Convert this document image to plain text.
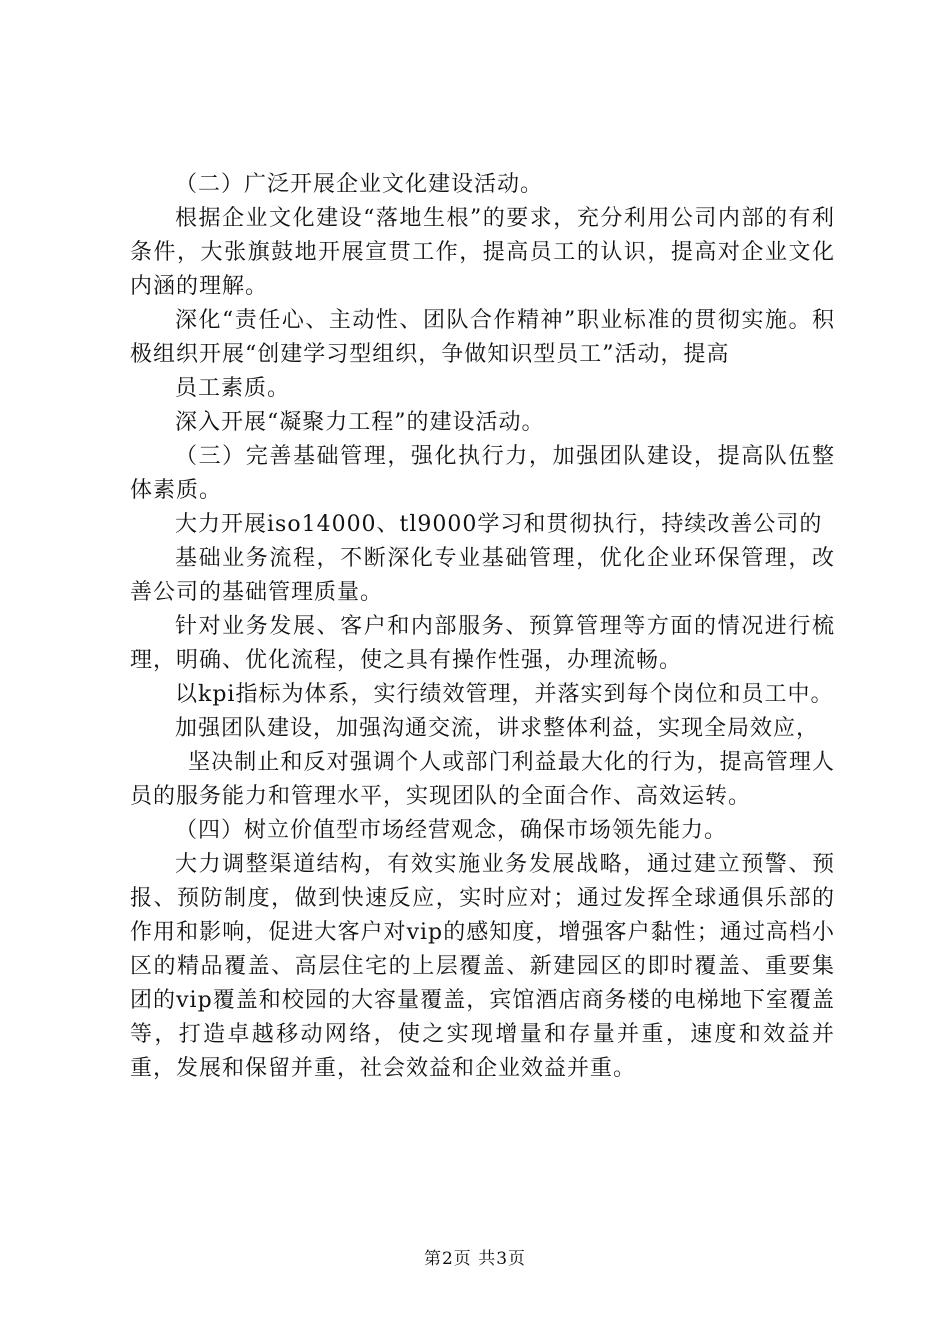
（二）广泛开展企业文化建设活动。

根据企业文化建设“落地生根”的要求，充分利用公司内部的有利条件，大张旗鼓地开展宣贯工作，提高员工的认识，提高对企业文化内涵的理解。

深化“责任心、主动性、团队合作精神”职业标准的贯彻实施。积极组织开展“创建学习型组织，争做知识型员工”活动，提高

员工素质。

深入开展“凝聚力工程”的建设活动。

（三）完善基础管理，强化执行力，加强团队建设，提高队伍整体素质。

大力开展iso14000、tl9000学习和贯彻执行，持续改善公司的

基础业务流程，不断深化专业基础管理，优化企业环保管理，改善公司的基础管理质量。

针对业务发展、客户和内部服务、预算管理等方面的情况进行梳理，明确、优化流程，使之具有操作性强，办理流畅。

以kpi指标为体系，实行绩效管理，并落实到每个岗位和员工中。

加强团队建设，加强沟通交流，讲求整体利益，实现全局效应，

坚决制止和反对强调个人或部门利益最大化的行为，提高管理人员的服务能力和管理水平，实现团队的全面合作、高效运转。

（四）树立价值型市场经营观念，确保市场领先能力。

大力调整渠道结构，有效实施业务发展战略，通过建立预警、预报、预防制度，做到快速反应，实时应对；通过发挥全球通俱乐部的作用和影响，促进大客户对vip的感知度，增强客户黏性；通过高档小区的精品覆盖、高层住宅的上层覆盖、新建园区的即时覆盖、重要集团的vip覆盖和校园的大容量覆盖，宾馆酒店商务楼的电梯地下室覆盖等，打造卓越移动网络，使之实现增量和存量并重，速度和效益并重，发展和保留并重，社会效益和企业效益并重。

第2页 共3页
